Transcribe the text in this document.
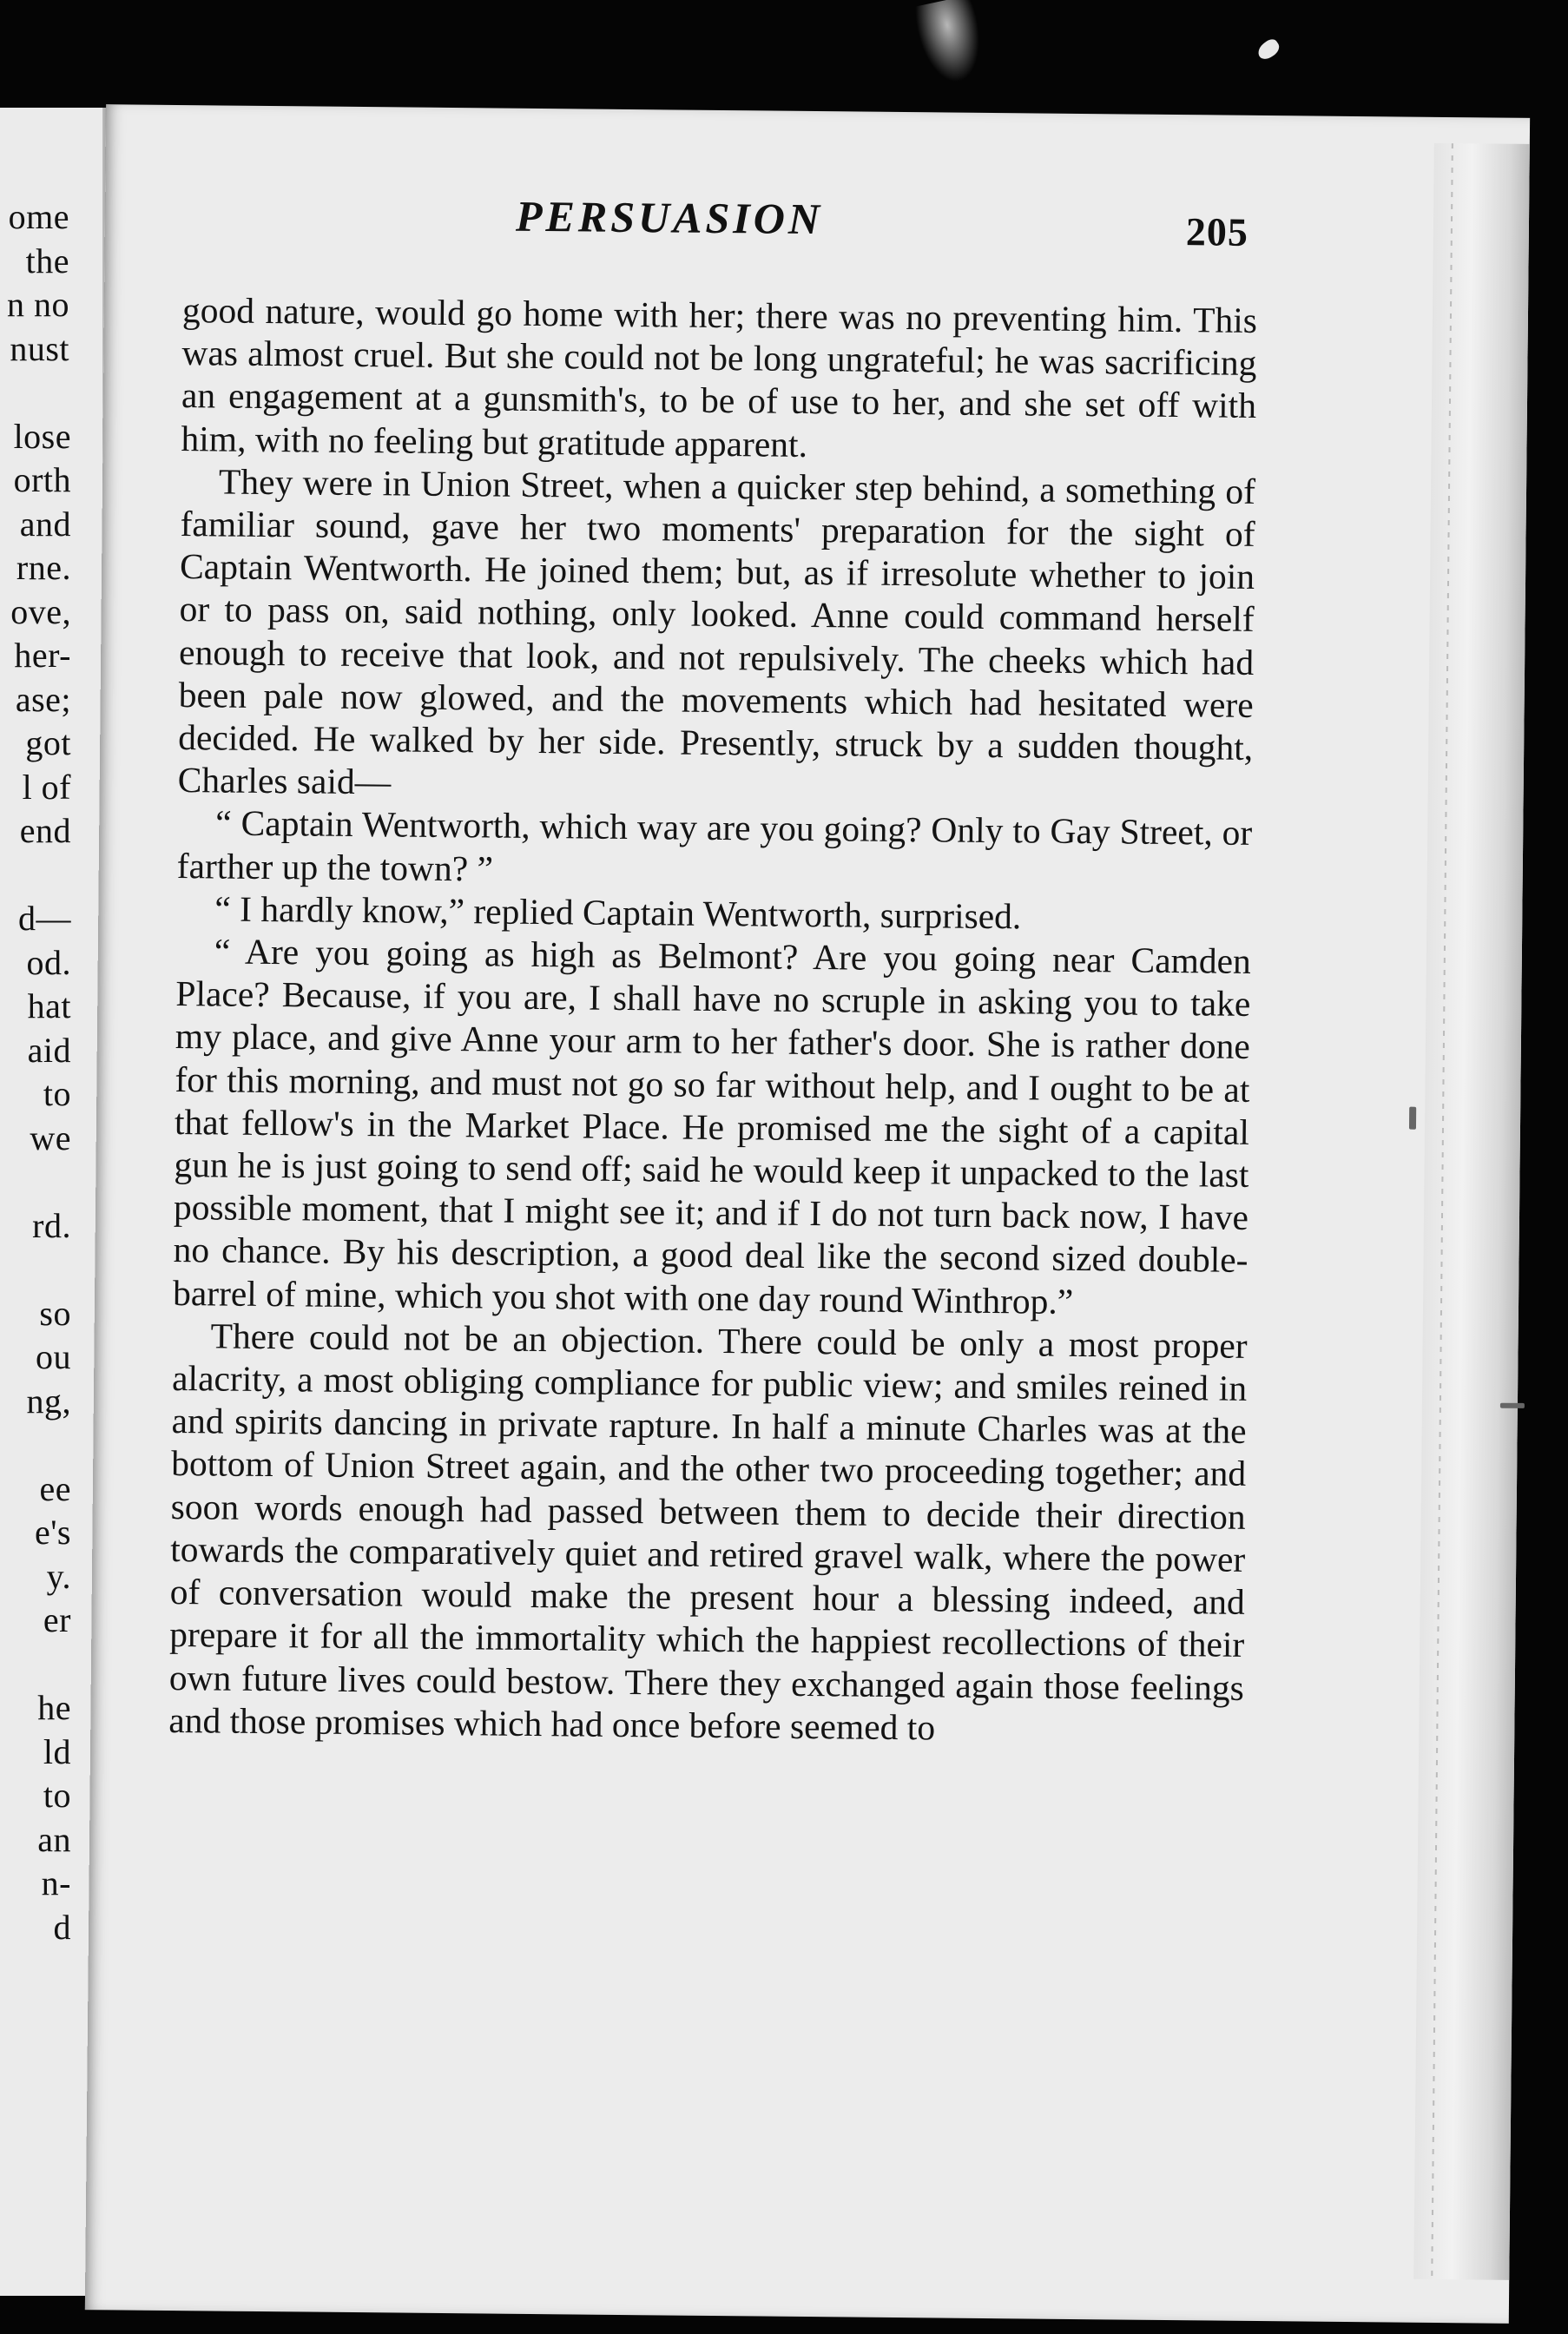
ome
the
n no
nust
lose
orth
and
rne.
ove,
her-
ase;
got
l of
end
d—
od.
hat
aid
to
we
rd.
so
ou
ng,
ee
e's
y.
er
he
ld
to
an
n-
d
PERSUASION	205

good nature, would go home with her; there was no preventing him. This was almost cruel. But she could not be long ungrateful; he was sacrificing an engagement at a gunsmith's, to be of use to her, and she set off with him, with no feeling but gratitude apparent.

They were in Union Street, when a quicker step behind, a something of familiar sound, gave her two moments' preparation for the sight of Captain Wentworth. He joined them; but, as if irresolute whether to join or to pass on, said nothing, only looked. Anne could command herself enough to receive that look, and not repulsively. The cheeks which had been pale now glowed, and the movements which had hesitated were decided. He walked by her side. Presently, struck by a sudden thought, Charles said—

“ Captain Wentworth, which way are you going? Only to Gay Street, or farther up the town? ”

“ I hardly know,” replied Captain Wentworth, surprised.

“ Are you going as high as Belmont? Are you going near Camden Place? Because, if you are, I shall have no scruple in asking you to take my place, and give Anne your arm to her father's door. She is rather done for this morning, and must not go so far without help, and I ought to be at that fellow's in the Market Place. He promised me the sight of a capital gun he is just going to send off; said he would keep it unpacked to the last possible moment, that I might see it; and if I do not turn back now, I have no chance. By his description, a good deal like the second sized double-barrel of mine, which you shot with one day round Winthrop.”

There could not be an objection. There could be only a most proper alacrity, a most obliging compliance for public view; and smiles reined in and spirits dancing in private rapture. In half a minute Charles was at the bottom of Union Street again, and the other two proceeding together; and soon words enough had passed between them to decide their direction towards the comparatively quiet and retired gravel walk, where the power of conversation would make the present hour a blessing indeed, and prepare it for all the immortality which the happiest recollections of their own future lives could bestow. There they exchanged again those feelings and those promises which had once before seemed to
